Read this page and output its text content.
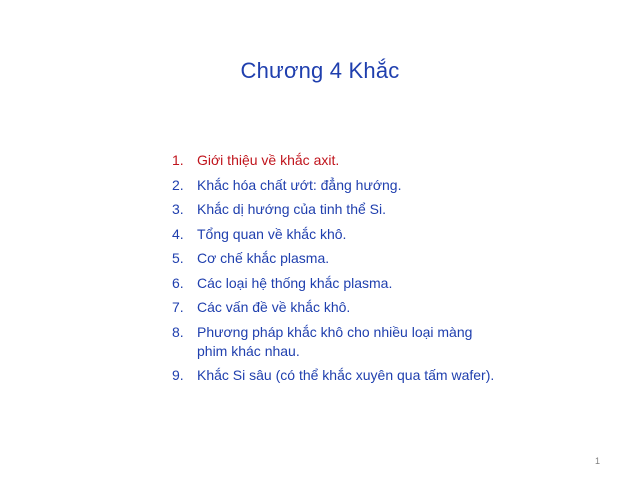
Chương 4 Khắc
1. Giới thiệu về khắc axit.
2. Khắc hóa chất ướt: đẳng hướng.
3. Khắc dị hướng của tinh thể Si.
4. Tổng quan về khắc khô.
5. Cơ chế khắc plasma.
6. Các loại hệ thống khắc plasma.
7. Các vấn đề về khắc khô.
8. Phương pháp khắc khô cho nhiều loại màng phim khác nhau.
9. Khắc Si sâu (có thể khắc xuyên qua tấm wafer).
1
